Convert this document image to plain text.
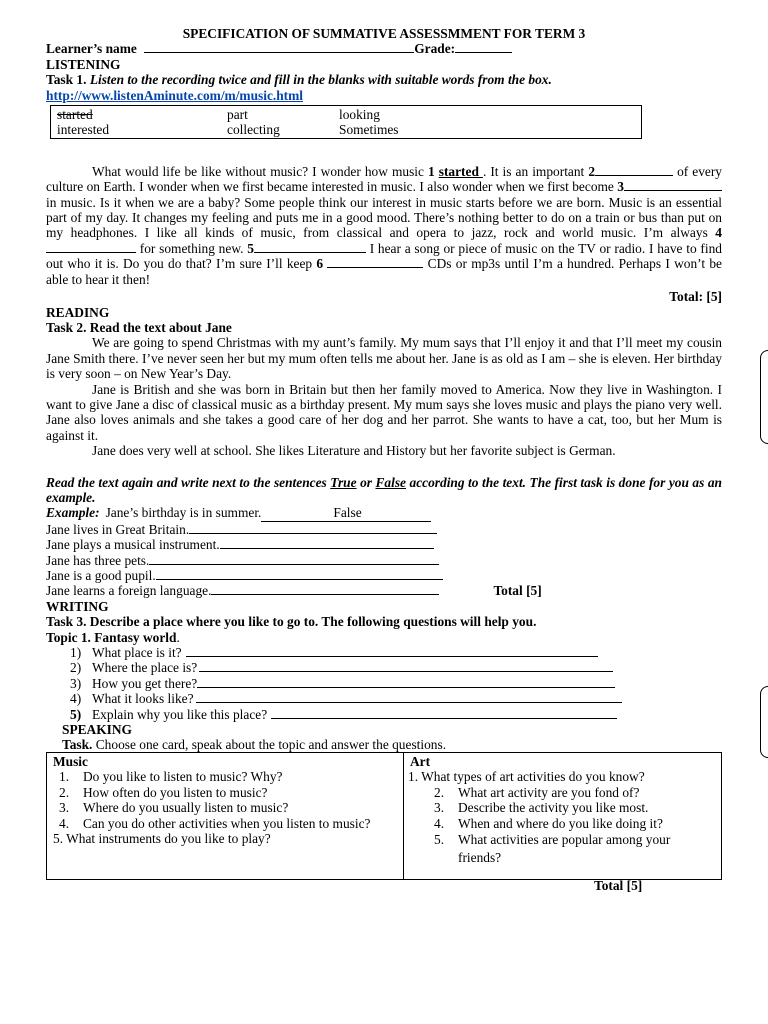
SPECIFICATION OF SUMMATIVE ASSESSMMENT FOR TERM 3
Learner’s name	Grade:
LISTENING
Task 1. Listen to the recording twice and fill in the blanks with suitable words from the box.
http://www.listenAminute.com/m/music.html
started	part	looking
interested	collecting	Sometimes
What would life be like without music? I wonder how music 1 started . It is an important 2	of every culture on Earth. I wonder when we first became interested in music. I also wonder when we first become 3 in music. Is it when we are a baby? Some people think our interest in music starts before we are born. Music is an essential part of my day. It changes my feeling and puts me in a good mood. There’s nothing better to do on a train or bus than put on my headphones. I like all kinds of music, from classical and opera to jazz, rock and world music. I’m always 4 for something new. 5	I hear a song or piece of music on the TV or radio. I have to find out who it is. Do you do that? I’m sure I’ll keep 6	CDs or mp3s until I’m a hundred. Perhaps I won’t be able to hear it then!
Total: [5]
READING
Task 2. Read the text about Jane
We are going to spend Christmas with my aunt’s family. My mum says that I’ll enjoy it and that I’ll meet my cousin Jane Smith there. I’ve never seen her but my mum often tells me about her. Jane is as old as I am – she is eleven. Her birthday is very soon – on New Year’s Day.
Jane is British and she was born in Britain but then her family moved to America. Now they live in Washington. I want to give Jane a disc of classical music as a birthday present. My mum says she loves music and plays the piano very well. Jane also loves animals and she takes a good care of her dog and her parrot. She wants to have a cat, too, but her Mum is against it.
Jane does very well at school. She likes Literature and History but her favorite subject is German.
Read the text again and write next to the sentences True or False according to the text. The first task is done for you as an example.
Example: Jane’s birthday is in summer.	False
Jane lives in Great Britain.
Jane plays a musical instrument.
Jane has three pets.
Jane is a good pupil.
Jane learns a foreign language.	Total [5]
WRITING
Task 3. Describe a place where you like to go to. The following questions will help you.
Topic 1. Fantasy world.
1) What place is it?
2) Where the place is?
3) How you get there?
4) What it looks like?
5) Explain why you like this place?
SPEAKING
Task. Choose one card, speak about the topic and answer the questions.
Music
1.	Do you like to listen to music? Why?
2.	How often do you listen to music?
3.	Where do you usually listen to music?
4.	Can you do other activities when you listen to music?
5. What instruments do you like to play?
Art
1. What types of art activities do you know?
2.	What art activity are you fond of?
3.	Describe the activity you like most.
4.	When and where do you like doing it?
5.	What activities are popular among your friends?
Total [5]
